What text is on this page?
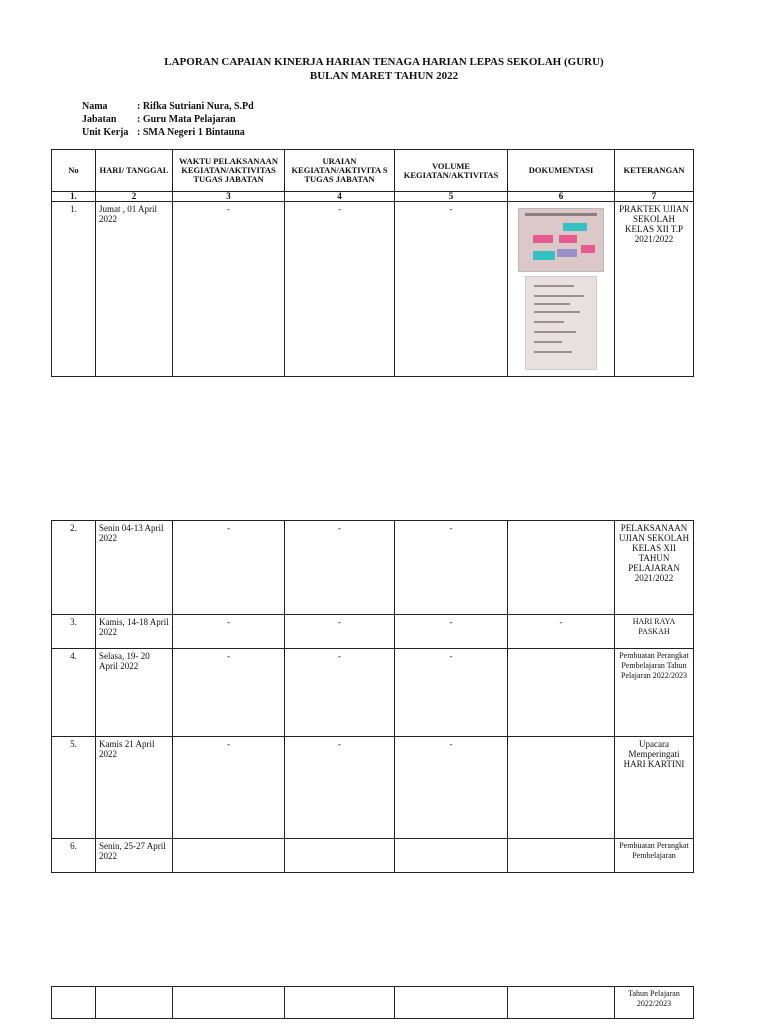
LAPORAN CAPAIAN KINERJA HARIAN TENAGA HARIAN LEPAS SEKOLAH (GURU)
BULAN MARET TAHUN 2022
Nama	: Rifka Sutriani Nura, S.Pd
Jabatan : Guru Mata Pelajaran
Unit Kerja : SMA Negeri 1 Bintauna
No	HARI/ TANGGAL	WAKTU PELAKSANAAN KEGIATAN/AKTIVITAS TUGAS JABATAN	URAIAN KEGIATAN/AKTIVITA S TUGAS JABATAN	VOLUME KEGIATAN/AKTIVITAS	DOKUMENTASI	KETERANGAN
1.	2	3	4	5	6	7
1.	Jumat , 01 April 2022	-	-	-		PRAKTEK UJIAN SEKOLAH KELAS XII T.P 2021/2022
2.	Senin 04-13 April 2022	-	-	-		PELAKSANAAN UJIAN SEKOLAH KELAS XII TAHUN PELAJARAN 2021/2022
3.	Kamis, 14-18 April 2022	-	-	-	-	HARI RAYA PASKAH
4.	Selasa, 19- 20 April 2022	-	-	-		Pembuatan Perangkat Pembelajaran Tahun Pelajaran 2022/2023
5.	Kamis 21 April 2022	-	-	-		Upacara Memperingati HARI KARTINI
6.	Senin, 25-27 April 2022					Pembuatan Perangkat Pembelajaran
						Tahun Pelajaran 2022/2023
